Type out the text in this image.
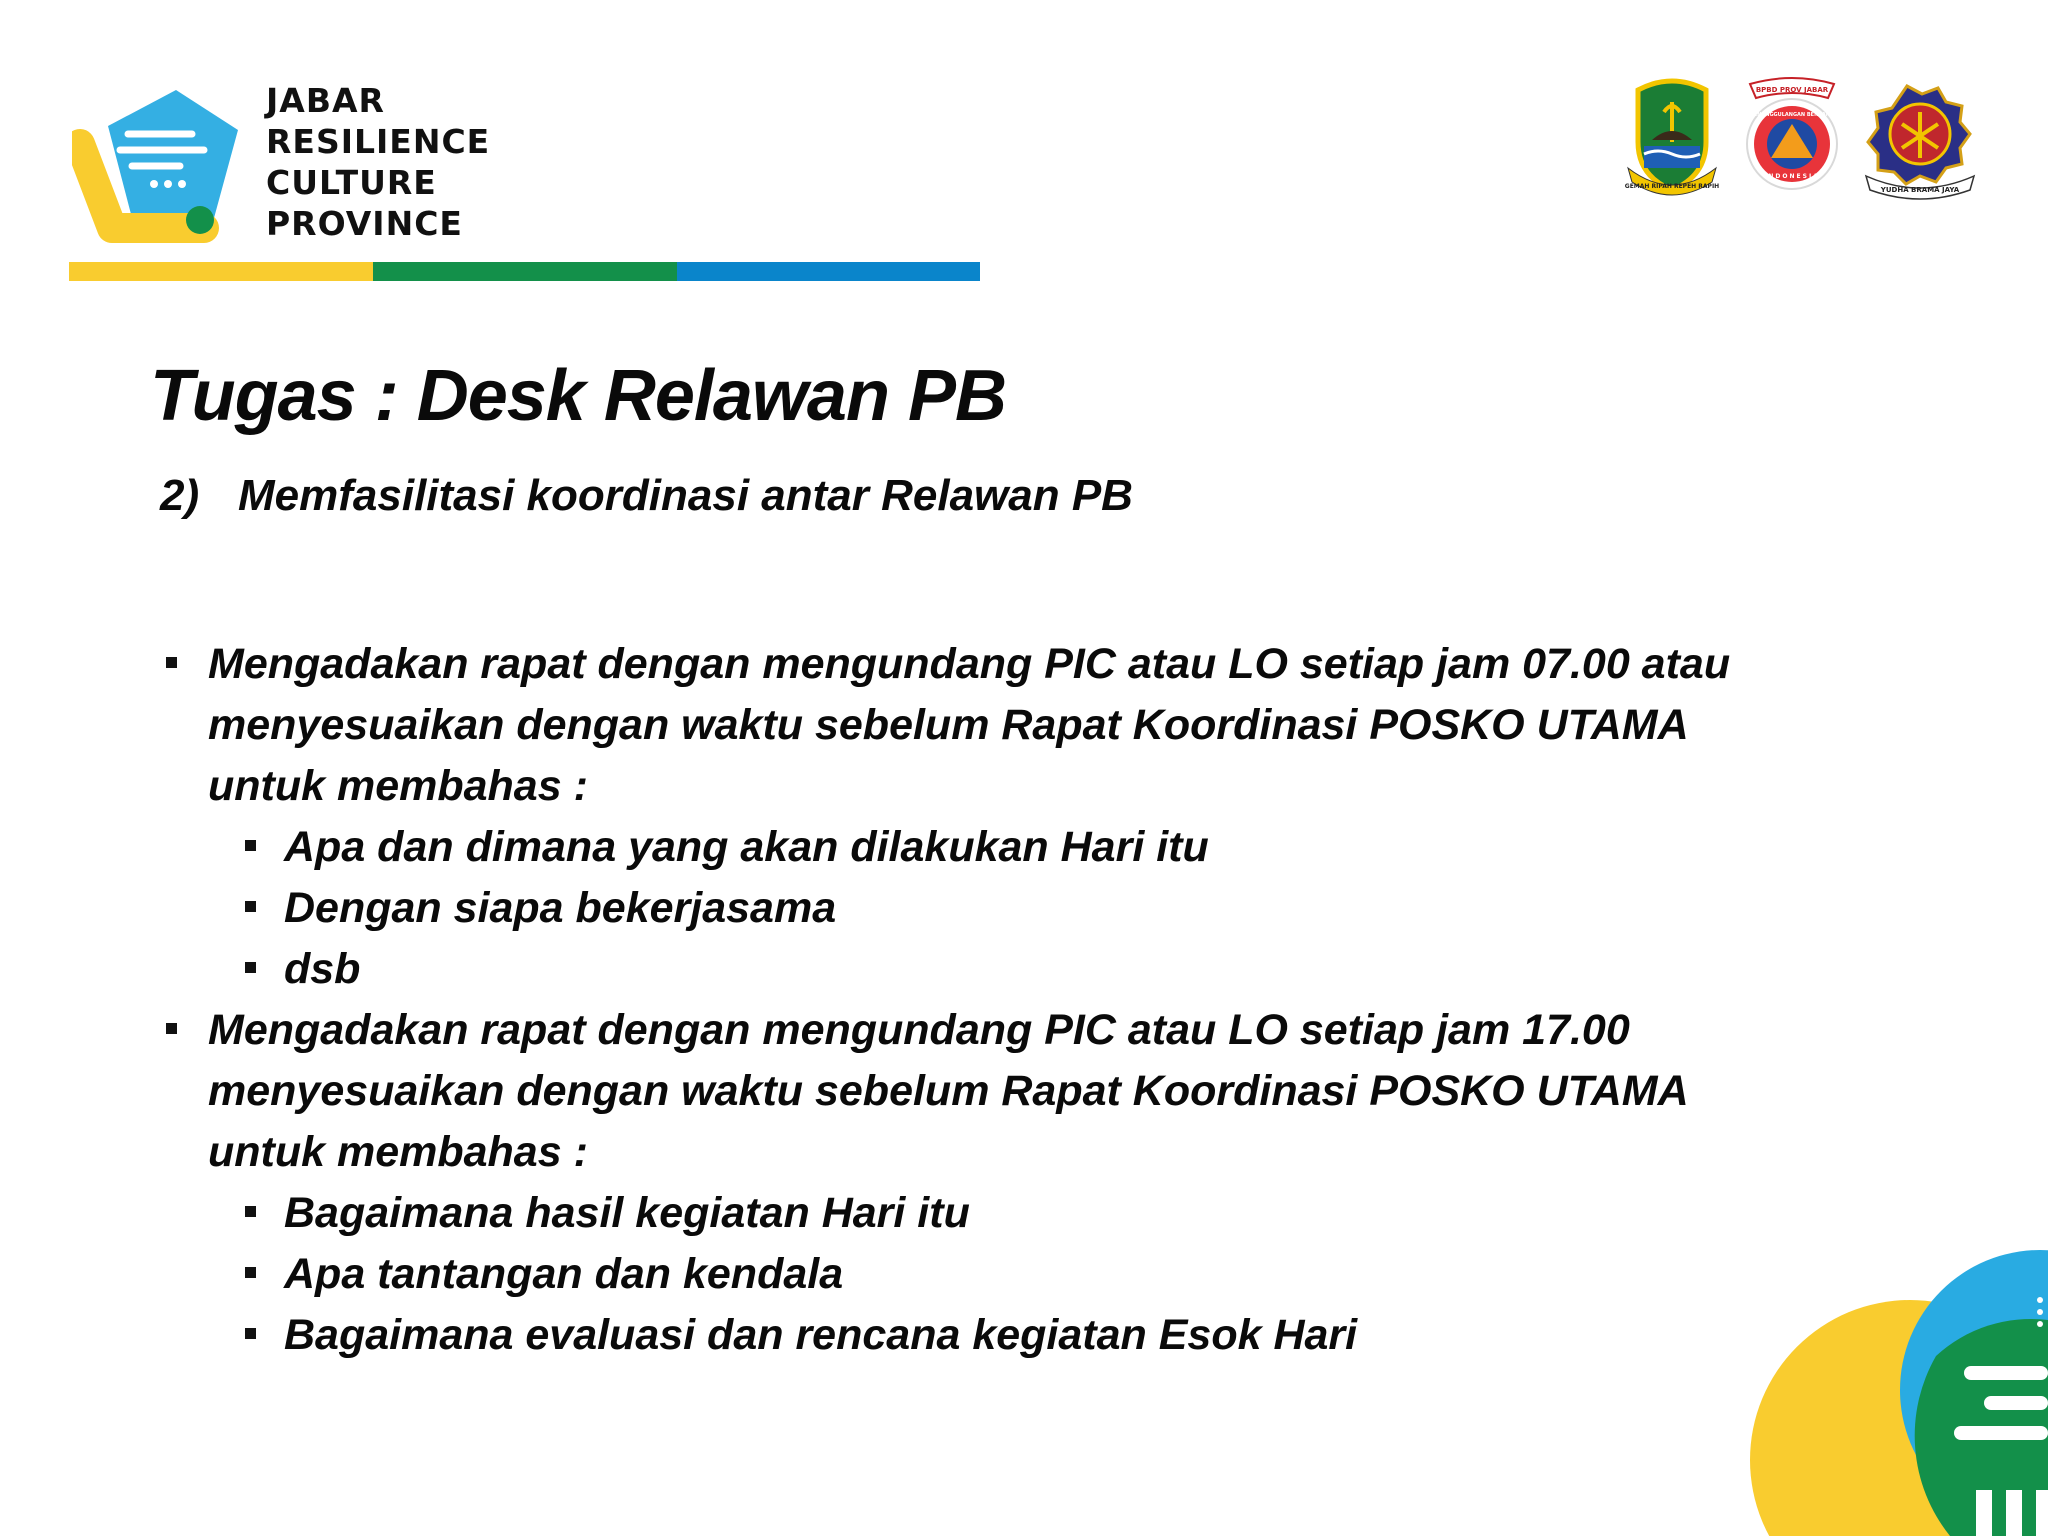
JABAR
RESILIENCE
CULTURE
PROVINCE
GEMAH RIPAH REPEH RAPIH
BPBD PROV JABAR
PENANGGULANGAN BENCANA
INDONESIA
YUDHA BRAMA JAYA
Tugas : Desk Relawan PB
2) Memfasilitasi koordinasi antar Relawan PB
Mengadakan rapat dengan mengundang PIC atau LO setiap jam 07.00 atau
menyesuaikan dengan waktu sebelum Rapat Koordinasi POSKO UTAMA
untuk membahas :
Apa dan dimana yang akan dilakukan Hari itu
Dengan siapa bekerjasama
dsb
Mengadakan rapat dengan mengundang PIC atau LO setiap jam 17.00
menyesuaikan dengan waktu sebelum Rapat Koordinasi POSKO UTAMA
untuk membahas :
Bagaimana hasil kegiatan Hari itu
Apa tantangan dan kendala
Bagaimana evaluasi dan rencana kegiatan Esok Hari
